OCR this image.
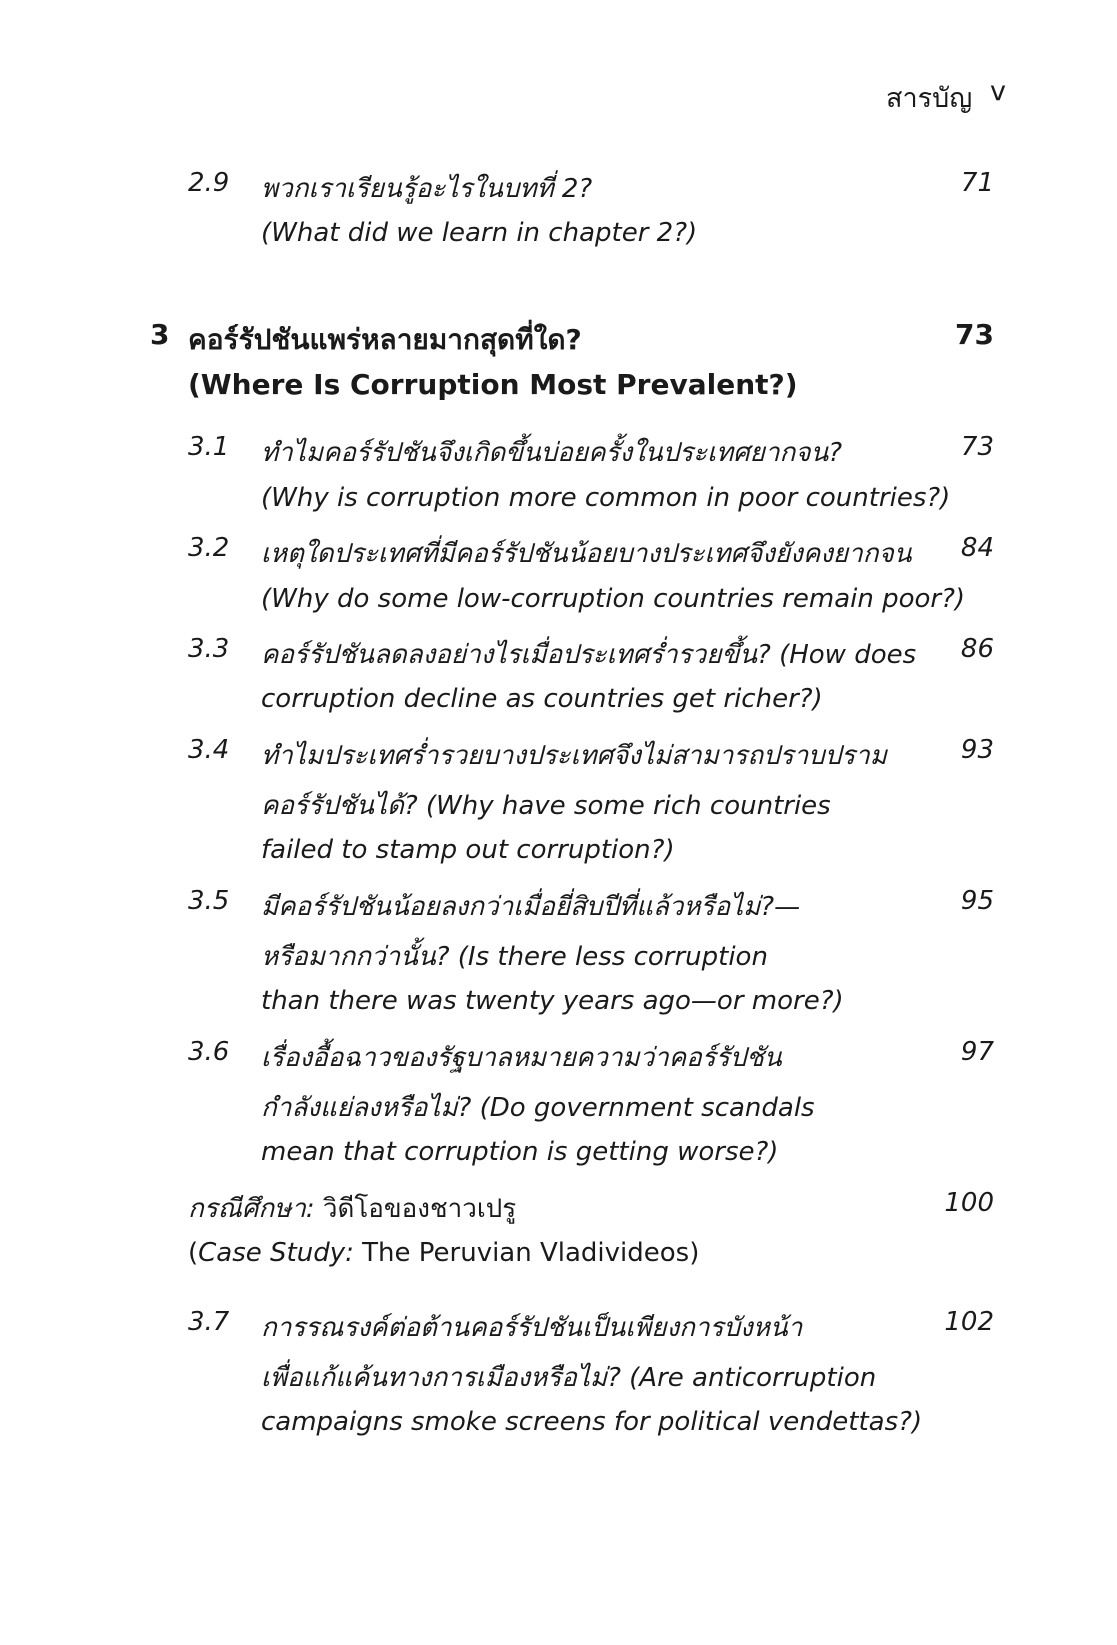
สารบัญ v
2.9 พวกเราเรียนรู้อะไรในบทที่ 2?
(What did we learn in chapter 2?)
71
3 คอร์รัปชันแพร่หลายมากสุดที่ใด?
(Where Is Corruption Most Prevalent?)
73
3.1 ทำไมคอร์รัปชันจึงเกิดขึ้นบ่อยครั้งในประเทศยากจน?
(Why is corruption more common in poor countries?)
73
3.2 เหตุใดประเทศที่มีคอร์รัปชันน้อยบางประเทศจึงยังคงยากจน
(Why do some low-corruption countries remain poor?)
84
3.3 คอร์รัปชันลดลงอย่างไรเมื่อประเทศร่ำรวยขึ้น? (How does
corruption decline as countries get richer?)
86
3.4 ทำไมประเทศร่ำรวยบางประเทศจึงไม่สามารถปราบปราม
คอร์รัปชันได้? (Why have some rich countries
failed to stamp out corruption?)
93
3.5 มีคอร์รัปชันน้อยลงกว่าเมื่อยี่สิบปีที่แล้วหรือไม่?—
หรือมากกว่านั้น? (Is there less corruption
than there was twenty years ago—or more?)
95
3.6 เรื่องอื้อฉาวของรัฐบาลหมายความว่าคอร์รัปชัน
กำลังแย่ลงหรือไม่? (Do government scandals
mean that corruption is getting worse?)
97
กรณีศึกษา: วิดีโอของชาวเปรู
(Case Study: The Peruvian Vladivideos)
100
3.7 การรณรงค์ต่อต้านคอร์รัปชันเป็นเพียงการบังหน้า
เพื่อแก้แค้นทางการเมืองหรือไม่? (Are anticorruption
campaigns smoke screens for political vendettas?)
102
